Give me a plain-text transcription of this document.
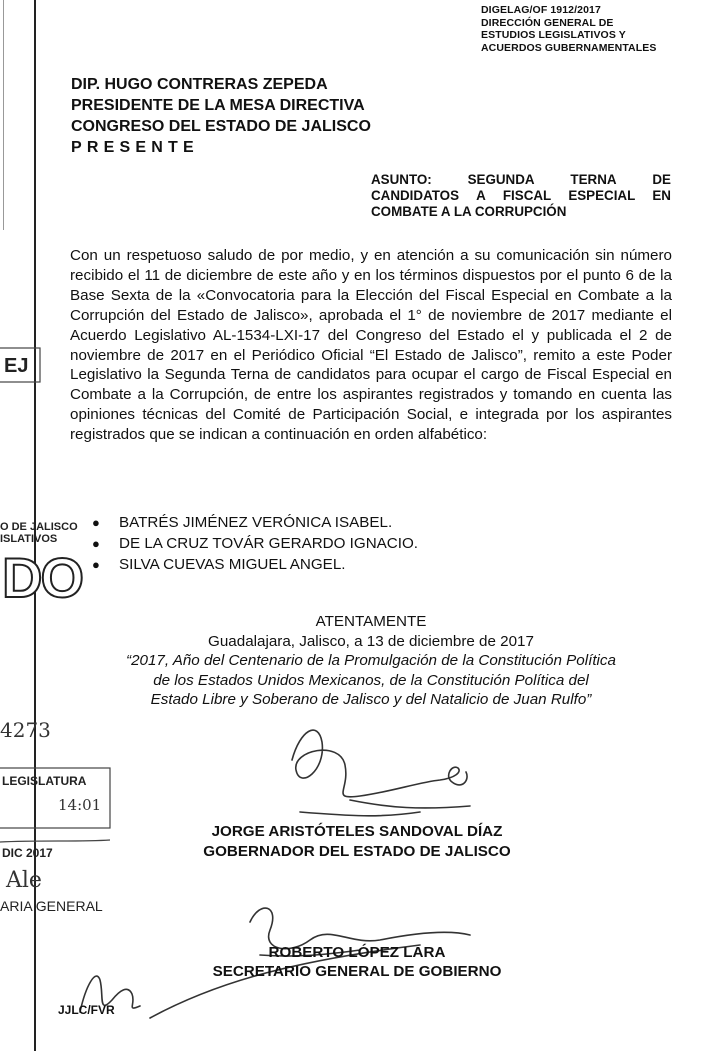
DIGELAG/OF 1912/2017
DIRECCIÓN GENERAL DE
ESTUDIOS LEGISLATIVOS Y
ACUERDOS GUBERNAMENTALES
DIP. HUGO CONTRERAS ZEPEDA
PRESIDENTE DE LA MESA DIRECTIVA
CONGRESO DEL ESTADO DE JALISCO
PRESENTE
ASUNTO:	SEGUNDA	TERNA	DE
CANDIDATOS A FISCAL ESPECIAL EN
COMBATE A LA CORRUPCIÓN
Con un respetuoso saludo de por medio, y en atención a su comunicación sin número recibido el 11 de diciembre de este año y en los términos dispuestos por el punto 6 de la Base Sexta de la «Convocatoria para la Elección del Fiscal Especial en Combate a la Corrupción del Estado de Jalisco», aprobada el 1° de noviembre de 2017 mediante el Acuerdo Legislativo AL-1534-LXI-17 del Congreso del Estado el y publicada el 2 de noviembre de 2017 en el Periódico Oficial “El Estado de Jalisco”, remito a este Poder Legislativo la Segunda Terna de candidatos para ocupar el cargo de Fiscal Especial en Combate a la Corrupción, de entre los aspirantes registrados y tomando en cuenta las opiniones técnicas del Comité de Participación Social, e integrada por los aspirantes registrados que se indican a continuación en orden alfabético:
● BATRÉS JIMÉNEZ VERÓNICA ISABEL.
● DE LA CRUZ TOVÁR GERARDO IGNACIO.
● SILVA CUEVAS MIGUEL ANGEL.
ATENTAMENTE
Guadalajara, Jalisco, a 13 de diciembre de 2017
“2017, Año del Centenario de la Promulgación de la Constitución Política
de los Estados Unidos Mexicanos, de la Constitución Política del
Estado Libre y Soberano de Jalisco y del Natalicio de Juan Rulfo”
JORGE ARISTÓTELES SANDOVAL DÍAZ
GOBERNADOR DEL ESTADO DE JALISCO
ROBERTO LÓPEZ LARA
SECRETARIO GENERAL DE GOBIERNO
JJLC/FVR
EJ
O DE JALISCO
ISLATIVOS
DO
4273
LEGISLATURA
14:01
DIC 2017
Ale
ARIA GENERAL
